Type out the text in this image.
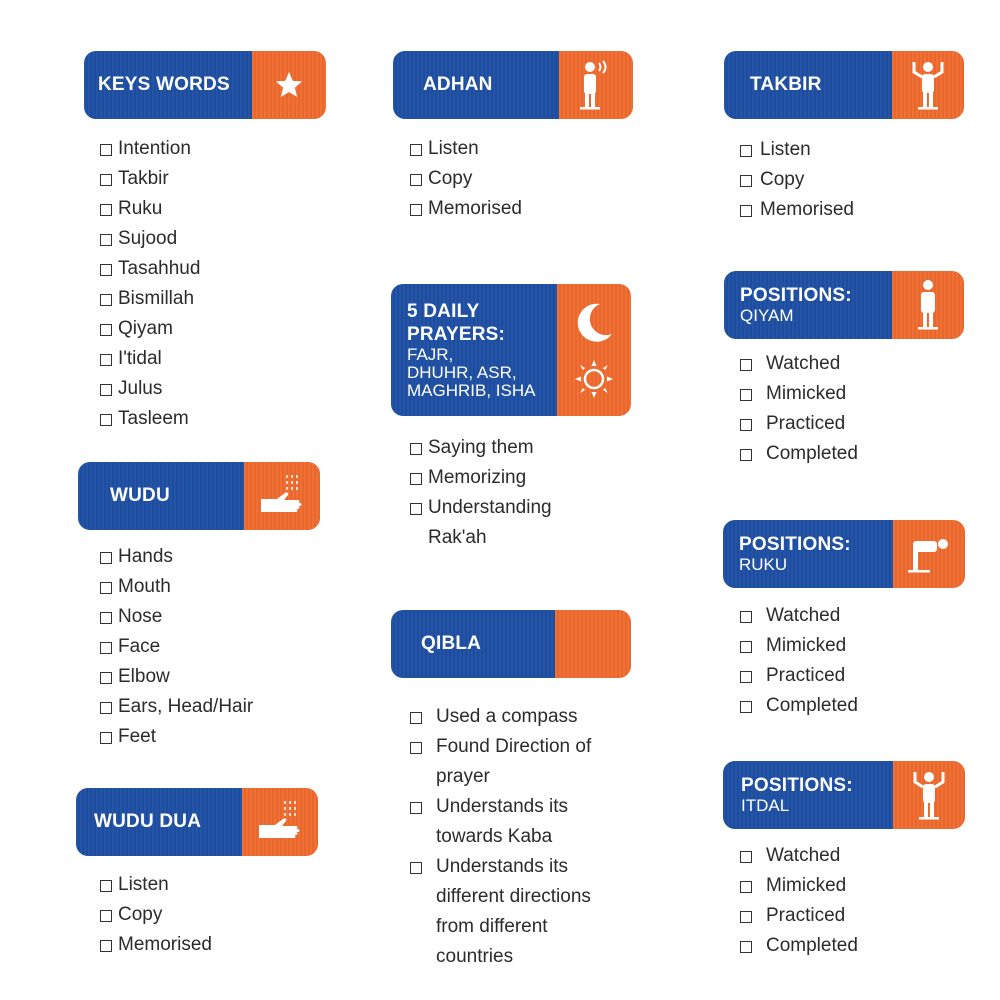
KEYS WORDS
Intention
Takbir
Ruku
Sujood
Tasahhud
Bismillah
Qiyam
I'tidal
Julus
Tasleem
WUDU
Hands
Mouth
Nose
Face
Elbow
Ears, Head/Hair
Feet
WUDU DUA
Listen
Copy
Memorised
ADHAN
Listen
Copy
Memorised
5 DAILY
PRAYERS:
FAJR,
DHUHR, ASR,
MAGHRIB, ISHA
Saying them
Memorizing
Understanding
Rak'ah
QIBLA
Used a compass
Found Direction of
prayer
Understands its
towards Kaba
Understands its
different directions
from different
countries
TAKBIR
Listen
Copy
Memorised
POSITIONS:
QIYAM
Watched
Mimicked
Practiced
Completed
POSITIONS:
RUKU
Watched
Mimicked
Practiced
Completed
POSITIONS:
ITDAL
Watched
Mimicked
Practiced
Completed
